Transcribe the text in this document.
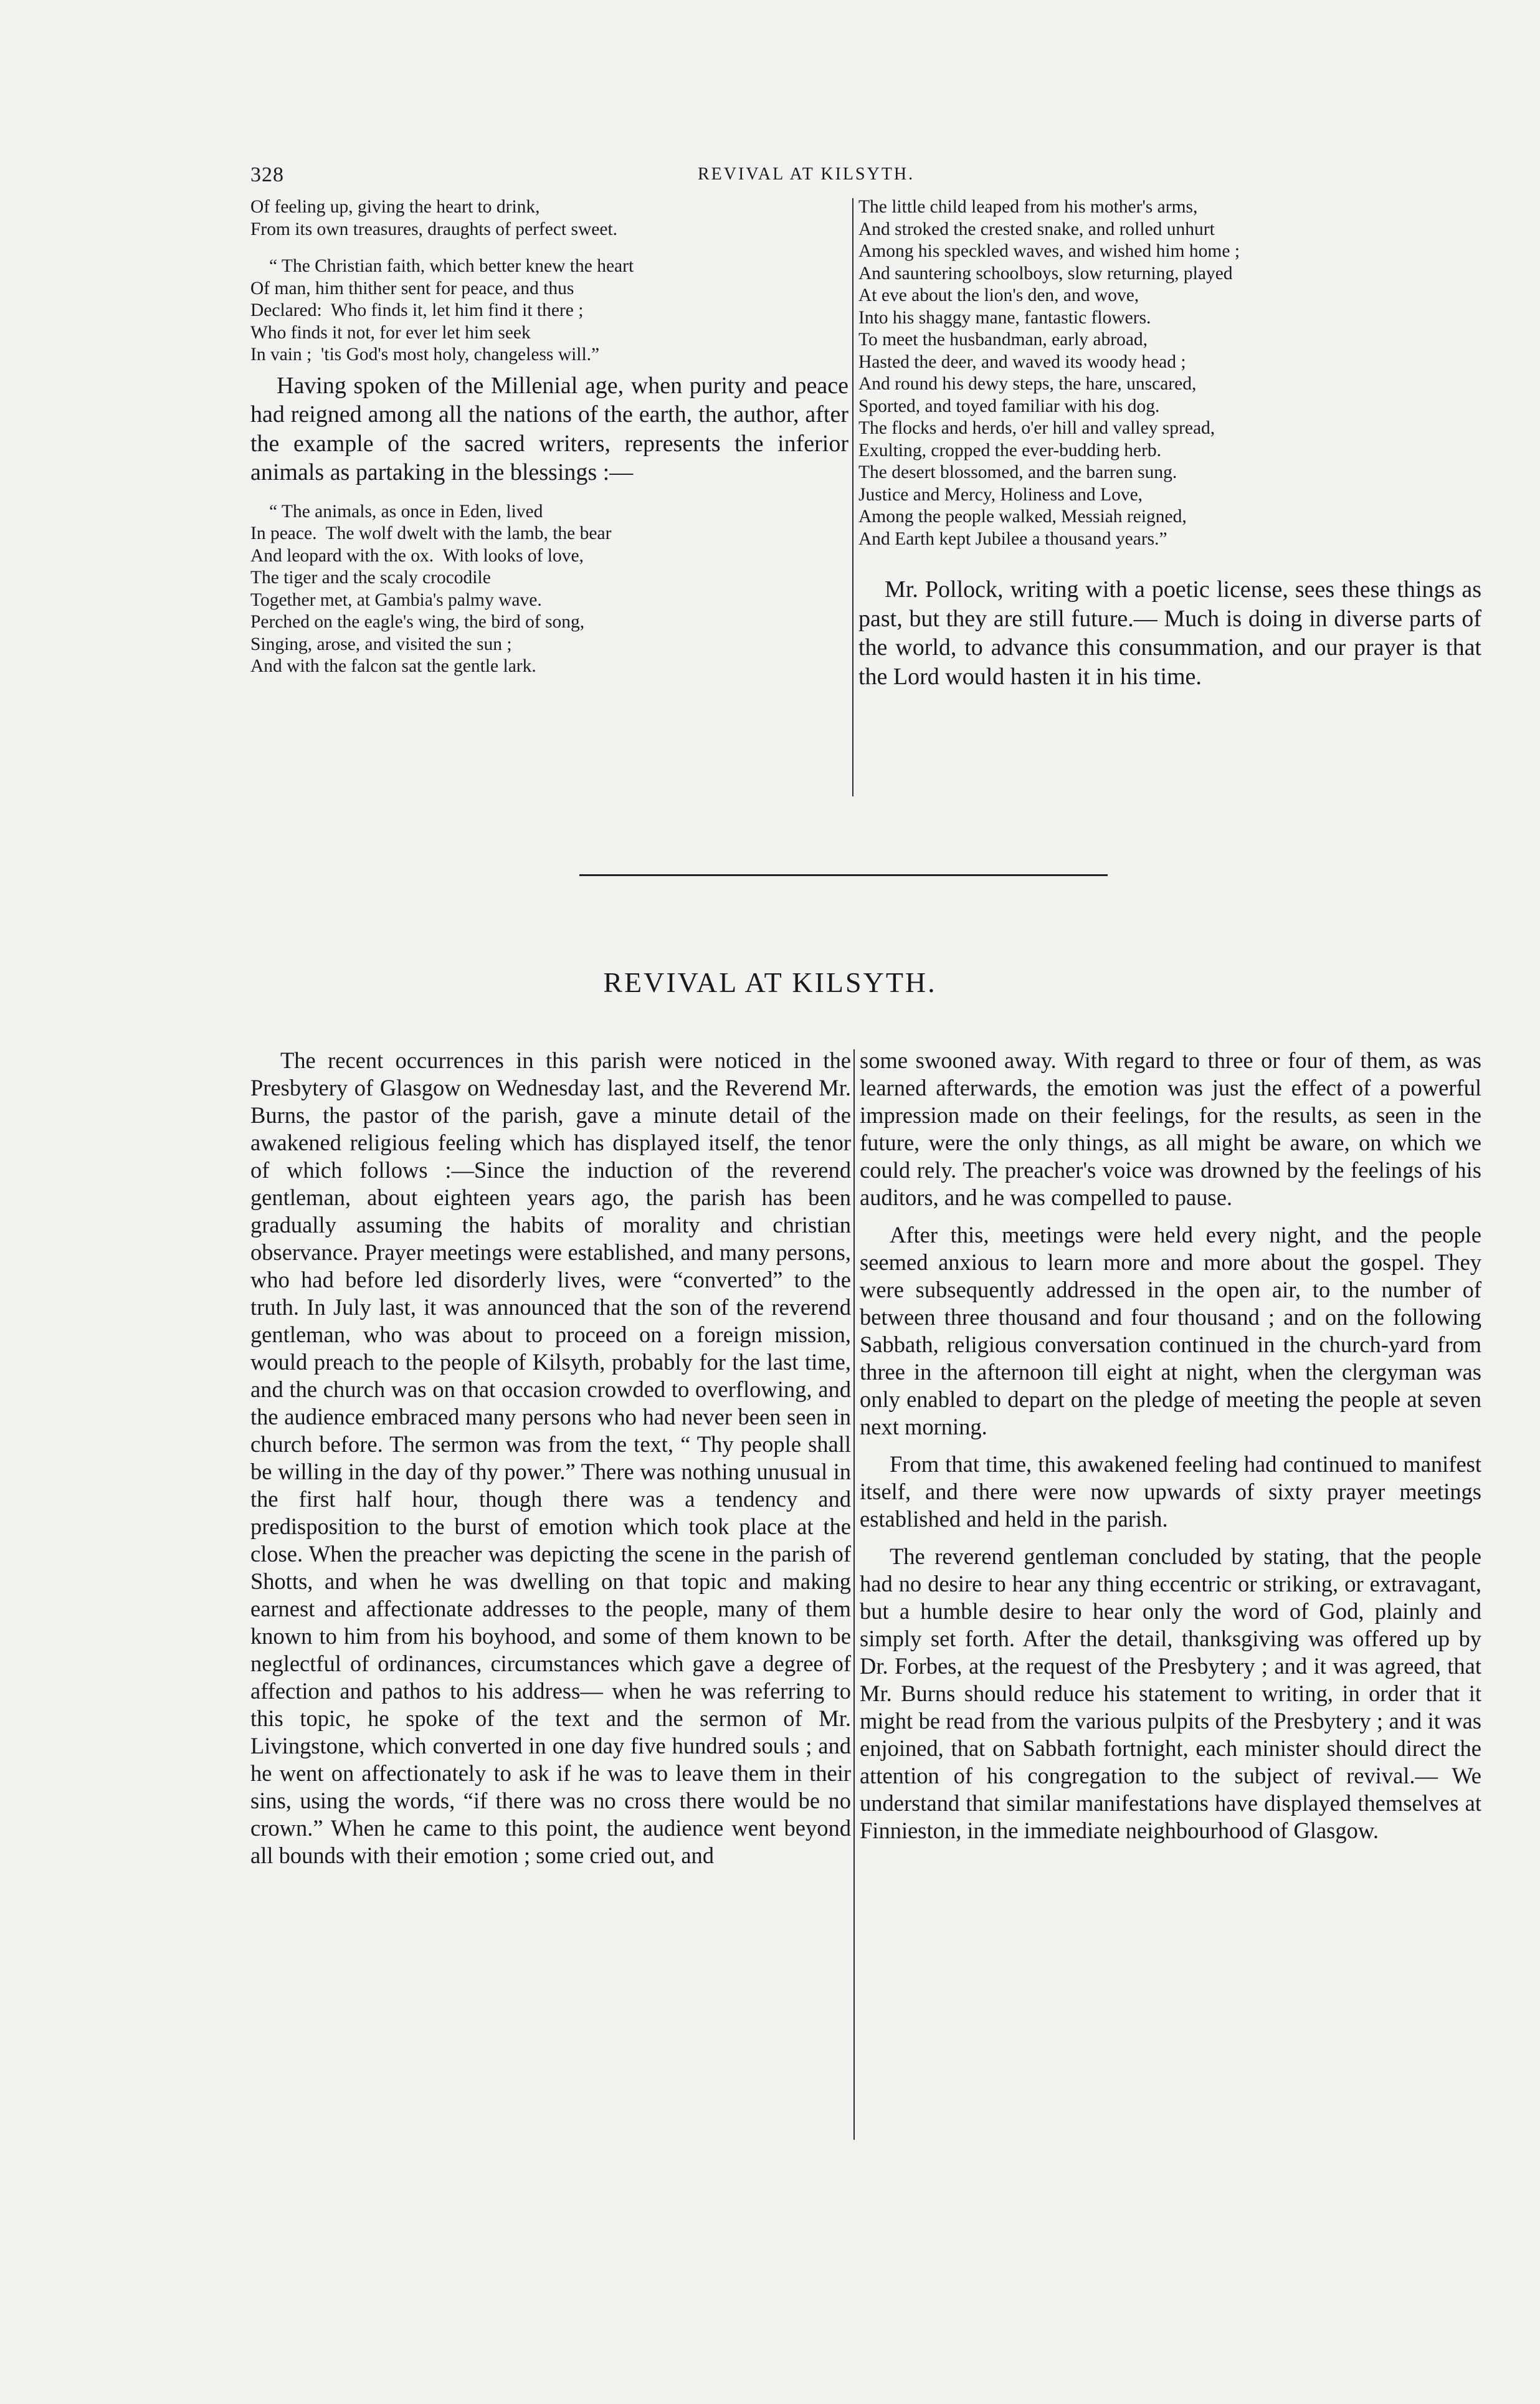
328	REVIVAL AT KILSYTH.

Of feeling up, giving the heart to drink,

From its own treasures, draughts of perfect sweet.

“ The Christian faith, which better knew the heart

Of man, him thither sent for peace, and thus

Declared:  Who finds it, let him find it there ;

Who finds it not, for ever let him seek

In vain ;  'tis God's most holy, changeless will.”

Having spoken of the Millenial age, when purity and peace had reigned among all the nations of the earth, the author, after the example of the sacred writers, represents the inferior animals as partaking in the blessings :—

“ The animals, as once in Eden, lived

In peace.  The wolf dwelt with the lamb, the bear

And leopard with the ox.  With looks of love,

The tiger and the scaly crocodile

Together met, at Gambia's palmy wave.

Perched on the eagle's wing, the bird of song,

Singing, arose, and visited the sun ;

And with the falcon sat the gentle lark.

The little child leaped from his mother's arms,

And stroked the crested snake, and rolled unhurt

Among his speckled waves, and wished him home ;

And sauntering schoolboys, slow returning, played

At eve about the lion's den, and wove,

Into his shaggy mane, fantastic flowers.

To meet the husbandman, early abroad,

Hasted the deer, and waved its woody head ;

And round his dewy steps, the hare, unscared,

Sported, and toyed familiar with his dog.

The flocks and herds, o'er hill and valley spread,

Exulting, cropped the ever-budding herb.

The desert blossomed, and the barren sung.

Justice and Mercy, Holiness and Love,

Among the people walked, Messiah reigned,

And Earth kept Jubilee a thousand years.”

Mr. Pollock, writing with a poetic license, sees these things as past, but they are still future.— Much is doing in diverse parts of the world, to advance this consummation, and our prayer is that the Lord would hasten it in his time.

REVIVAL AT KILSYTH.

The recent occurrences in this parish were noticed in the Presbytery of Glasgow on Wednesday last, and the Reverend Mr. Burns, the pastor of the parish, gave a minute detail of the awakened religious feeling which has displayed itself, the tenor of which follows :—Since the induction of the reverend gentleman, about eighteen years ago, the parish has been gradually assuming the habits of morality and christian observance. Prayer meetings were established, and many persons, who had before led disorderly lives, were “converted” to the truth. In July last, it was announced that the son of the reverend gentleman, who was about to proceed on a foreign mission, would preach to the people of Kilsyth, probably for the last time, and the church was on that occasion crowded to overflowing, and the audience embraced many persons who had never been seen in church before. The sermon was from the text, “ Thy people shall be willing in the day of thy power.” There was nothing unusual in the first half hour, though there was a tendency and predisposition to the burst of emotion which took place at the close. When the preacher was depicting the scene in the parish of Shotts, and when he was dwelling on that topic and making earnest and affectionate addresses to the people, many of them known to him from his boyhood, and some of them known to be neglectful of ordinances, circumstances which gave a degree of affection and pathos to his address— when he was referring to this topic, he spoke of the text and the sermon of Mr. Livingstone, which converted in one day five hundred souls ; and he went on affectionately to ask if he was to leave them in their sins, using the words, “if there was no cross there would be no crown.” When he came to this point, the audience went beyond all bounds with their emotion ; some cried out, and

some swooned away. With regard to three or four of them, as was learned afterwards, the emotion was just the effect of a powerful impression made on their feelings, for the results, as seen in the future, were the only things, as all might be aware, on which we could rely. The preacher's voice was drowned by the feelings of his auditors, and he was compelled to pause.

After this, meetings were held every night, and the people seemed anxious to learn more and more about the gospel. They were subsequently addressed in the open air, to the number of between three thousand and four thousand ; and on the following Sabbath, religious conversation continued in the church-yard from three in the afternoon till eight at night, when the clergyman was only enabled to depart on the pledge of meeting the people at seven next morning.

From that time, this awakened feeling had continued to manifest itself, and there were now upwards of sixty prayer meetings established and held in the parish.

The reverend gentleman concluded by stating, that the people had no desire to hear any thing eccentric or striking, or extravagant, but a humble desire to hear only the word of God, plainly and simply set forth. After the detail, thanksgiving was offered up by Dr. Forbes, at the request of the Presbytery ; and it was agreed, that Mr. Burns should reduce his statement to writing, in order that it might be read from the various pulpits of the Presbytery ; and it was enjoined, that on Sabbath fortnight, each minister should direct the attention of his congregation to the subject of revival.— We understand that similar manifestations have displayed themselves at Finnieston, in the immediate neighbourhood of Glasgow.
